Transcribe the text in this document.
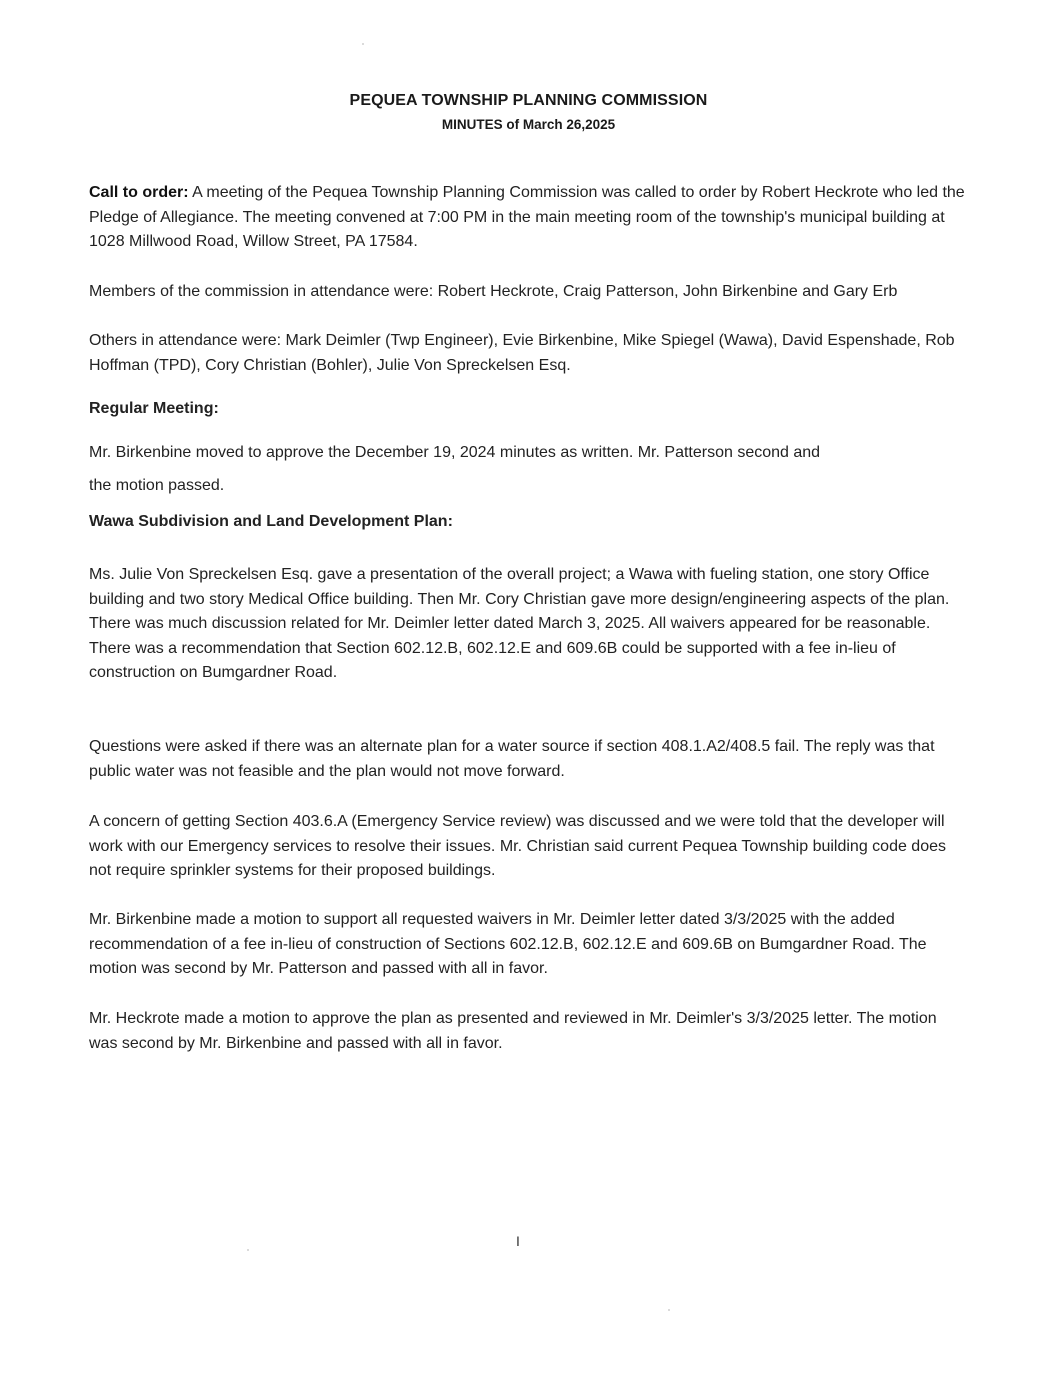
PEQUEA TOWNSHIP PLANNING COMMISSION
MINUTES of March 26,2025
Call to order: A meeting of the Pequea Township Planning Commission was called to order by Robert Heckrote who led the Pledge of Allegiance. The meeting convened at 7:00 PM in the main meeting room of the township's municipal building at 1028 Millwood Road, Willow Street, PA 17584.
Members of the commission in attendance were: Robert Heckrote, Craig Patterson, John Birkenbine and Gary Erb
Others in attendance were: Mark Deimler (Twp Engineer), Evie Birkenbine, Mike Spiegel (Wawa), David Espenshade, Rob Hoffman (TPD), Cory Christian (Bohler), Julie Von Spreckelsen Esq.
Regular Meeting:
Mr. Birkenbine moved to approve the December 19, 2024 minutes as written. Mr. Patterson second and
the motion passed.
Wawa Subdivision and Land Development Plan:
Ms. Julie Von Spreckelsen Esq. gave a presentation of the overall project; a Wawa with fueling station, one story Office building and two story Medical Office building. Then Mr. Cory Christian gave more design/engineering aspects of the plan. There was much discussion related for Mr. Deimler letter dated March 3, 2025. All waivers appeared for be reasonable. There was a recommendation that Section 602.12.B, 602.12.E and 609.6B could be supported with a fee in-lieu of construction on Bumgardner Road.
Questions were asked if there was an alternate plan for a water source if section 408.1.A2/408.5 fail. The reply was that public water was not feasible and the plan would not move forward.
A concern of getting Section 403.6.A (Emergency Service review) was discussed and we were told that the developer will work with our Emergency services to resolve their issues. Mr. Christian said current Pequea Township building code does not require sprinkler systems for their proposed buildings.
Mr. Birkenbine made a motion to support all requested waivers in Mr. Deimler letter dated 3/3/2025 with the added recommendation of a fee in-lieu of construction of Sections 602.12.B, 602.12.E and 609.6B on Bumgardner Road. The motion was second by Mr. Patterson and passed with all in favor.
Mr. Heckrote made a motion to approve the plan as presented and reviewed in Mr. Deimler's 3/3/2025 letter. The motion was second by Mr. Birkenbine and passed with all in favor.
I
